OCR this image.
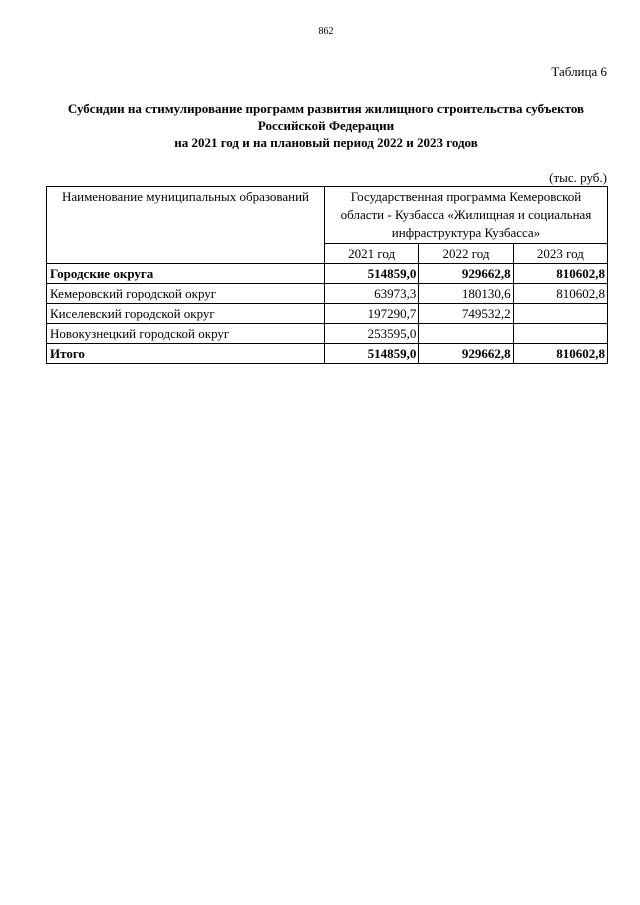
862
Таблица 6
Субсидии на стимулирование программ развития жилищного строительства субъектов
Российской Федерации
на 2021 год и на плановый период 2022 и 2023 годов
(тыс. руб.)
Наименование муниципальных образований	Государственная программа Кемеровской области - Кузбасса «Жилищная и социальная инфраструктура Кузбасса»		
	2021 год	2022 год	2023 год
Городские округа	514859,0	929662,8	810602,8
Кемеровский городской округ	63973,3	180130,6	810602,8
Киселевский городской округ	197290,7	749532,2	
Новокузнецкий городской округ	253595,0		
Итого	514859,0	929662,8	810602,8
